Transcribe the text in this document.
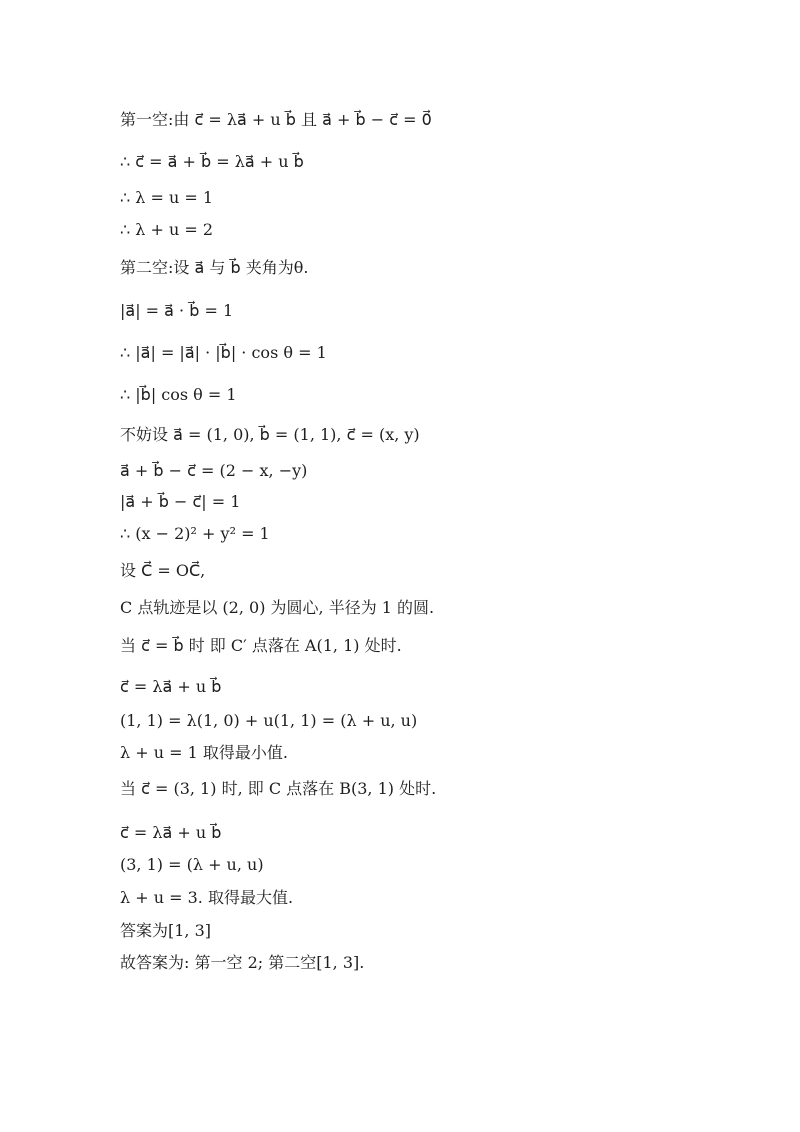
第一空:由 c⃗ = λa⃗ + u b⃗ 且 a⃗ + b⃗ − c⃗ = 0⃗
∴ c⃗ = a⃗ + b⃗ = λa⃗ + u b⃗
∴ λ = u = 1
∴ λ + u = 2
第二空:设 a⃗ 与 b⃗ 夹角为θ.
|a⃗| = a⃗ · b⃗ = 1
∴ |a⃗| = |a⃗| · |b⃗| · cos θ = 1
∴ |b⃗| cos θ = 1
不妨设 a⃗ = (1, 0), b⃗ = (1, 1), c⃗ = (x, y)
a⃗ + b⃗ − c⃗ = (2 − x, −y)
|a⃗ + b⃗ − c⃗| = 1
∴ (x − 2)² + y² = 1
设 C⃗ = OC⃗,
C 点轨迹是以 (2, 0) 为圆心, 半径为 1 的圆.
当 c⃗ = b⃗ 时 即 C′ 点落在 A(1, 1) 处时.
c⃗ = λa⃗ + u b⃗
(1, 1) = λ(1, 0) + u(1, 1) = (λ + u, u)
λ + u = 1 取得最小值.
当 c⃗ = (3, 1) 时, 即 C 点落在 B(3, 1) 处时.
c⃗ = λa⃗ + u b⃗
(3, 1) = (λ + u, u)
λ + u = 3. 取得最大值.
答案为[1, 3]
故答案为: 第一空 2; 第二空[1, 3].
